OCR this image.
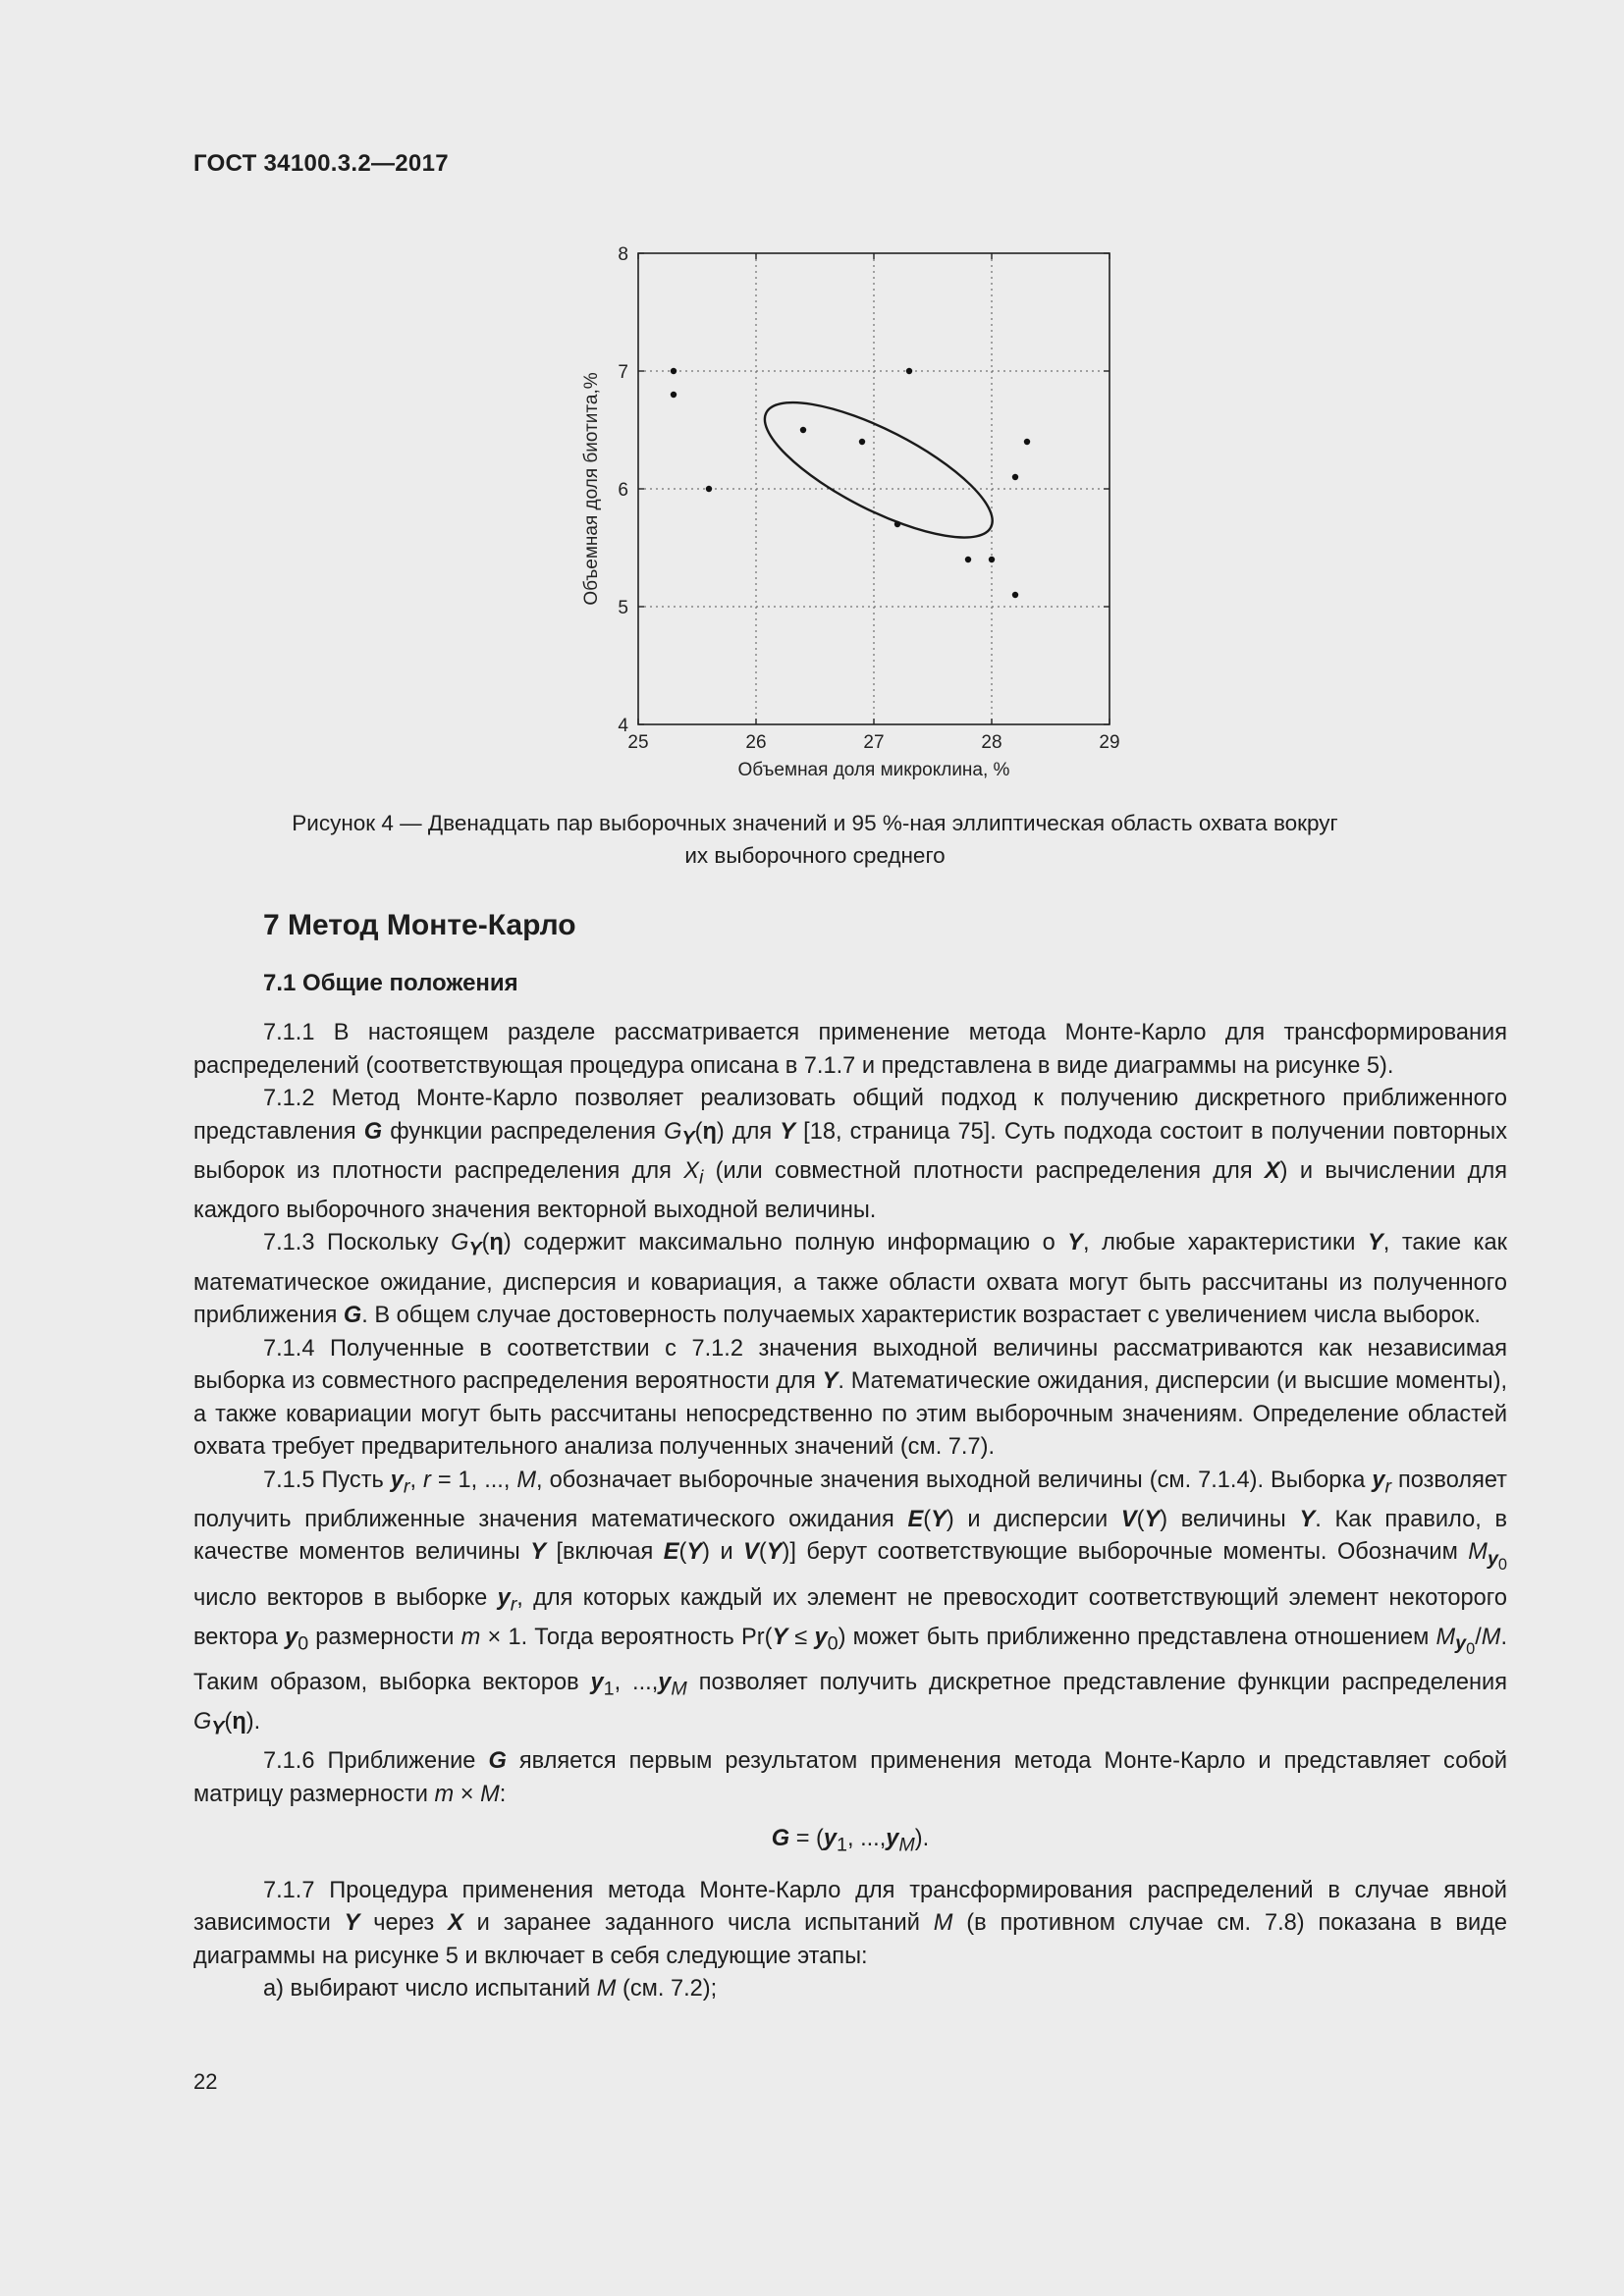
ГОСТ 34100.3.2—2017
25	26	27	28	29
4
5
6
7
8
Объемная доля микроклина, %
Объемная доля биотита,%
Рисунок 4 — Двенадцать пар выборочных значений и 95 %-ная эллиптическая область охвата вокруг
их выборочного среднего
7 Метод Монте-Карло
7.1 Общие положения

7.1.1 В настоящем разделе рассматривается применение метода Монте-Карло для трансформирования распределений (соответствующая процедура описана в 7.1.7 и представлена в виде диаграммы на рисунке 5).

7.1.2 Метод Монте-Карло позволяет реализовать общий подход к получению дискретного приближенного представления G функции распределения $G_Y(\eta)$ для Y [18, страница 75]. Суть подхода состоит в получении повторных выборок из плотности распределения для $X_i$ (или совместной плотности распределения для X) и вычислении для каждого выборочного значения векторной выходной величины.

7.1.3 Поскольку $G_Y(\eta)$ содержит максимально полную информацию о Y, любые характеристики Y, такие как математическое ожидание, дисперсия и ковариация, а также области охвата могут быть рассчитаны из полученного приближения G. В общем случае достоверность получаемых характеристик возрастает с увеличением числа выборок.

7.1.4 Полученные в соответствии с 7.1.2 значения выходной величины рассматриваются как независимая выборка из совместного распределения вероятности для Y. Математические ожидания, дисперсии (и высшие моменты), а также ковариации могут быть рассчитаны непосредственно по этим выборочным значениям. Определение областей охвата требует предварительного анализа полученных значений (см. 7.7).

7.1.5 Пусть $y_r$, r = 1, ..., M, обозначает выборочные значения выходной величины (см. 7.1.4). Выборка $y_r$ позволяет получить приближенные значения математического ожидания E(Y) и дисперсии V(Y) величины Y. Как правило, в качестве моментов величины Y [включая E(Y) и V(Y)] берут соответствующие выборочные моменты. Обозначим $M_{y_0}$ число векторов в выборке $y_r$, для которых каждый их элемент не превосходит соответствующий элемент некоторого вектора $y_0$ размерности m × 1. Тогда вероятность $Pr(Y \le y_0)$ может быть приближенно представлена отношением $M_{y_0}/M$. Таким образом, выборка векторов $y_1$, $...,y_M$ позволяет получить дискретное представление функции распределения $G_Y(\eta)$.

7.1.6 Приближение G является первым результатом применения метода Монте-Карло и представляет собой матрицу размерности m × M:

$G = (y_1$, $...,y_M$).

7.1.7 Процедура применения метода Монте-Карло для трансформирования распределений в случае явной зависимости Y через X и заранее заданного числа испытаний M (в противном случае см. 7.8) показана в виде диаграммы на рисунке 5 и включает в себя следующие этапы:

а) выбирают число испытаний M (см. 7.2);

22
